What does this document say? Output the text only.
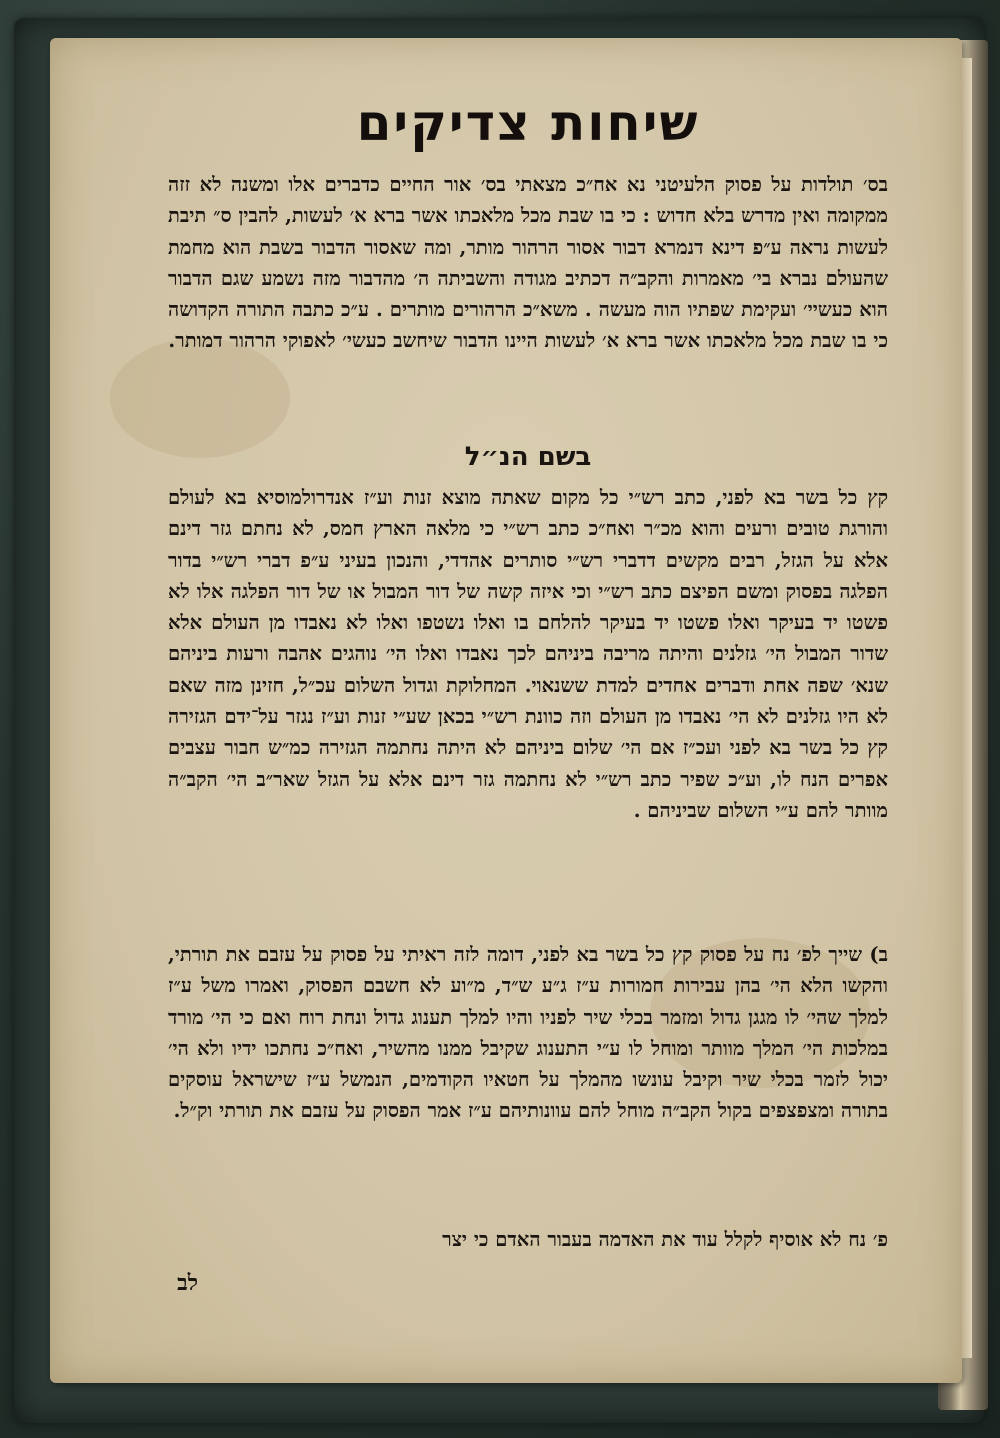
שיחות צדיקים

בס׳ תולדות על פסוק הלעיטני נא אח״כ מצאתי בס׳ אור החיים כדברים אלו ומשנה לא זזה ממקומה ואין מדרש בלא חדוש : כי בו שבת מכל מלאכתו אשר ברא א׳ לעשות, להבין ס״ תיבת לעשות נראה ע״פ דינא דנמרא דבור אסור הרהור מותר, ומה שאסור הדבור בשבת הוא מחמת שהעולם נברא בי׳ מאמרות והקב״ה דכתיב מגודה והשביתה ה׳ מהדבור מזה נשמע שגם הדבור הוא כעשיי׳ ועקימת שפתיו הוה מעשה . משא״כ הרהורים מותרים . ע״כ כתבה התורה הקדושה כי בו שבת מכל מלאכתו אשר ברא א׳ לעשות היינו הדבור שיחשב כעשי׳ לאפוקי הרהור דמותר.

בשם הנ״ל

קץ כל בשר בא לפני, כתב רש״י כל מקום שאתה מוצא זנות וע״ז אנדרולמוסיא בא לעולם והורגת טובים ורעים והוא מכ״ר ואח״כ כתב רש״י כי מלאה הארץ חמס, לא נחתם גזר דינם אלא על הגזל, רבים מקשים דדברי רש״י סותרים אהדדי, והנכון בעיני ע״פ דברי רש״י בדור הפלגה בפסוק ומשם הפיצם כתב רש״י וכי איזה קשה של דור המבול או של דור הפלגה אלו לא פשטו יד בעיקר ואלו פשטו יד בעיקר להלחם בו ואלו נשטפו ואלו לא נאבדו מן העולם אלא שדור המבול הי׳ גזלנים והיתה מריבה ביניהם לכך נאבדו ואלו הי׳ נוהגים אהבה ורעות ביניהם שנא׳ שפה אחת ודברים אחדים למדת ששנאוי. המחלוקת וגדול השלום עכ״ל, חזינן מזה שאם לא היו גזלנים לא הי׳ נאבדו מן העולם וזה כוונת רש״י בכאן שע״י זנות וע״ז נגזר על־ידם הגזירה קץ כל בשר בא לפני ועכ״ז אם הי׳ שלום ביניהם לא היתה נחתמה הגזירה כמ״ש חבור עצבים אפרים הנח לו, וע״כ שפיר כתב רש״י לא נחתמה גזר דינם אלא על הגזל שאר״ב הי׳ הקב״ה מוותר להם ע״י השלום שביניהם .

ב) שייך לפ׳ נח על פסוק קץ כל בשר בא לפני, דומה לזה ראיתי על פסוק על עזבם את תורתי, והקשו הלא הי׳ בהן עבירות חמורות ע״ז ג״ע ש״ד, מ״וע לא חשבם הפסוק, ואמרו משל ע״ז למלך שהי׳ לו מגגן גדול ומזמר בכלי שיר לפניו והיו למלך תענוג גדול ונחת רוח ואם כי הי׳ מורד במלכות הי׳ המלך מוותר ומוחל לו ע״י התענוג שקיבל ממנו מהשיר, ואח״כ נחתכו ידיו ולא הי׳ יכול לזמר בכלי שיר וקיבל עונשו מהמלך על חטאיו הקודמים, הנמשל ע״ז שישראל עוסקים בתורה ומצפצפים בקול הקב״ה מוחל להם עוונותיהם ע״ז אמר הפסוק על עזבם את תורתי וק״ל.

פ׳ נח לא אוסיף לקלל עוד את האדמה בעבור האדם כי יצר

לב
